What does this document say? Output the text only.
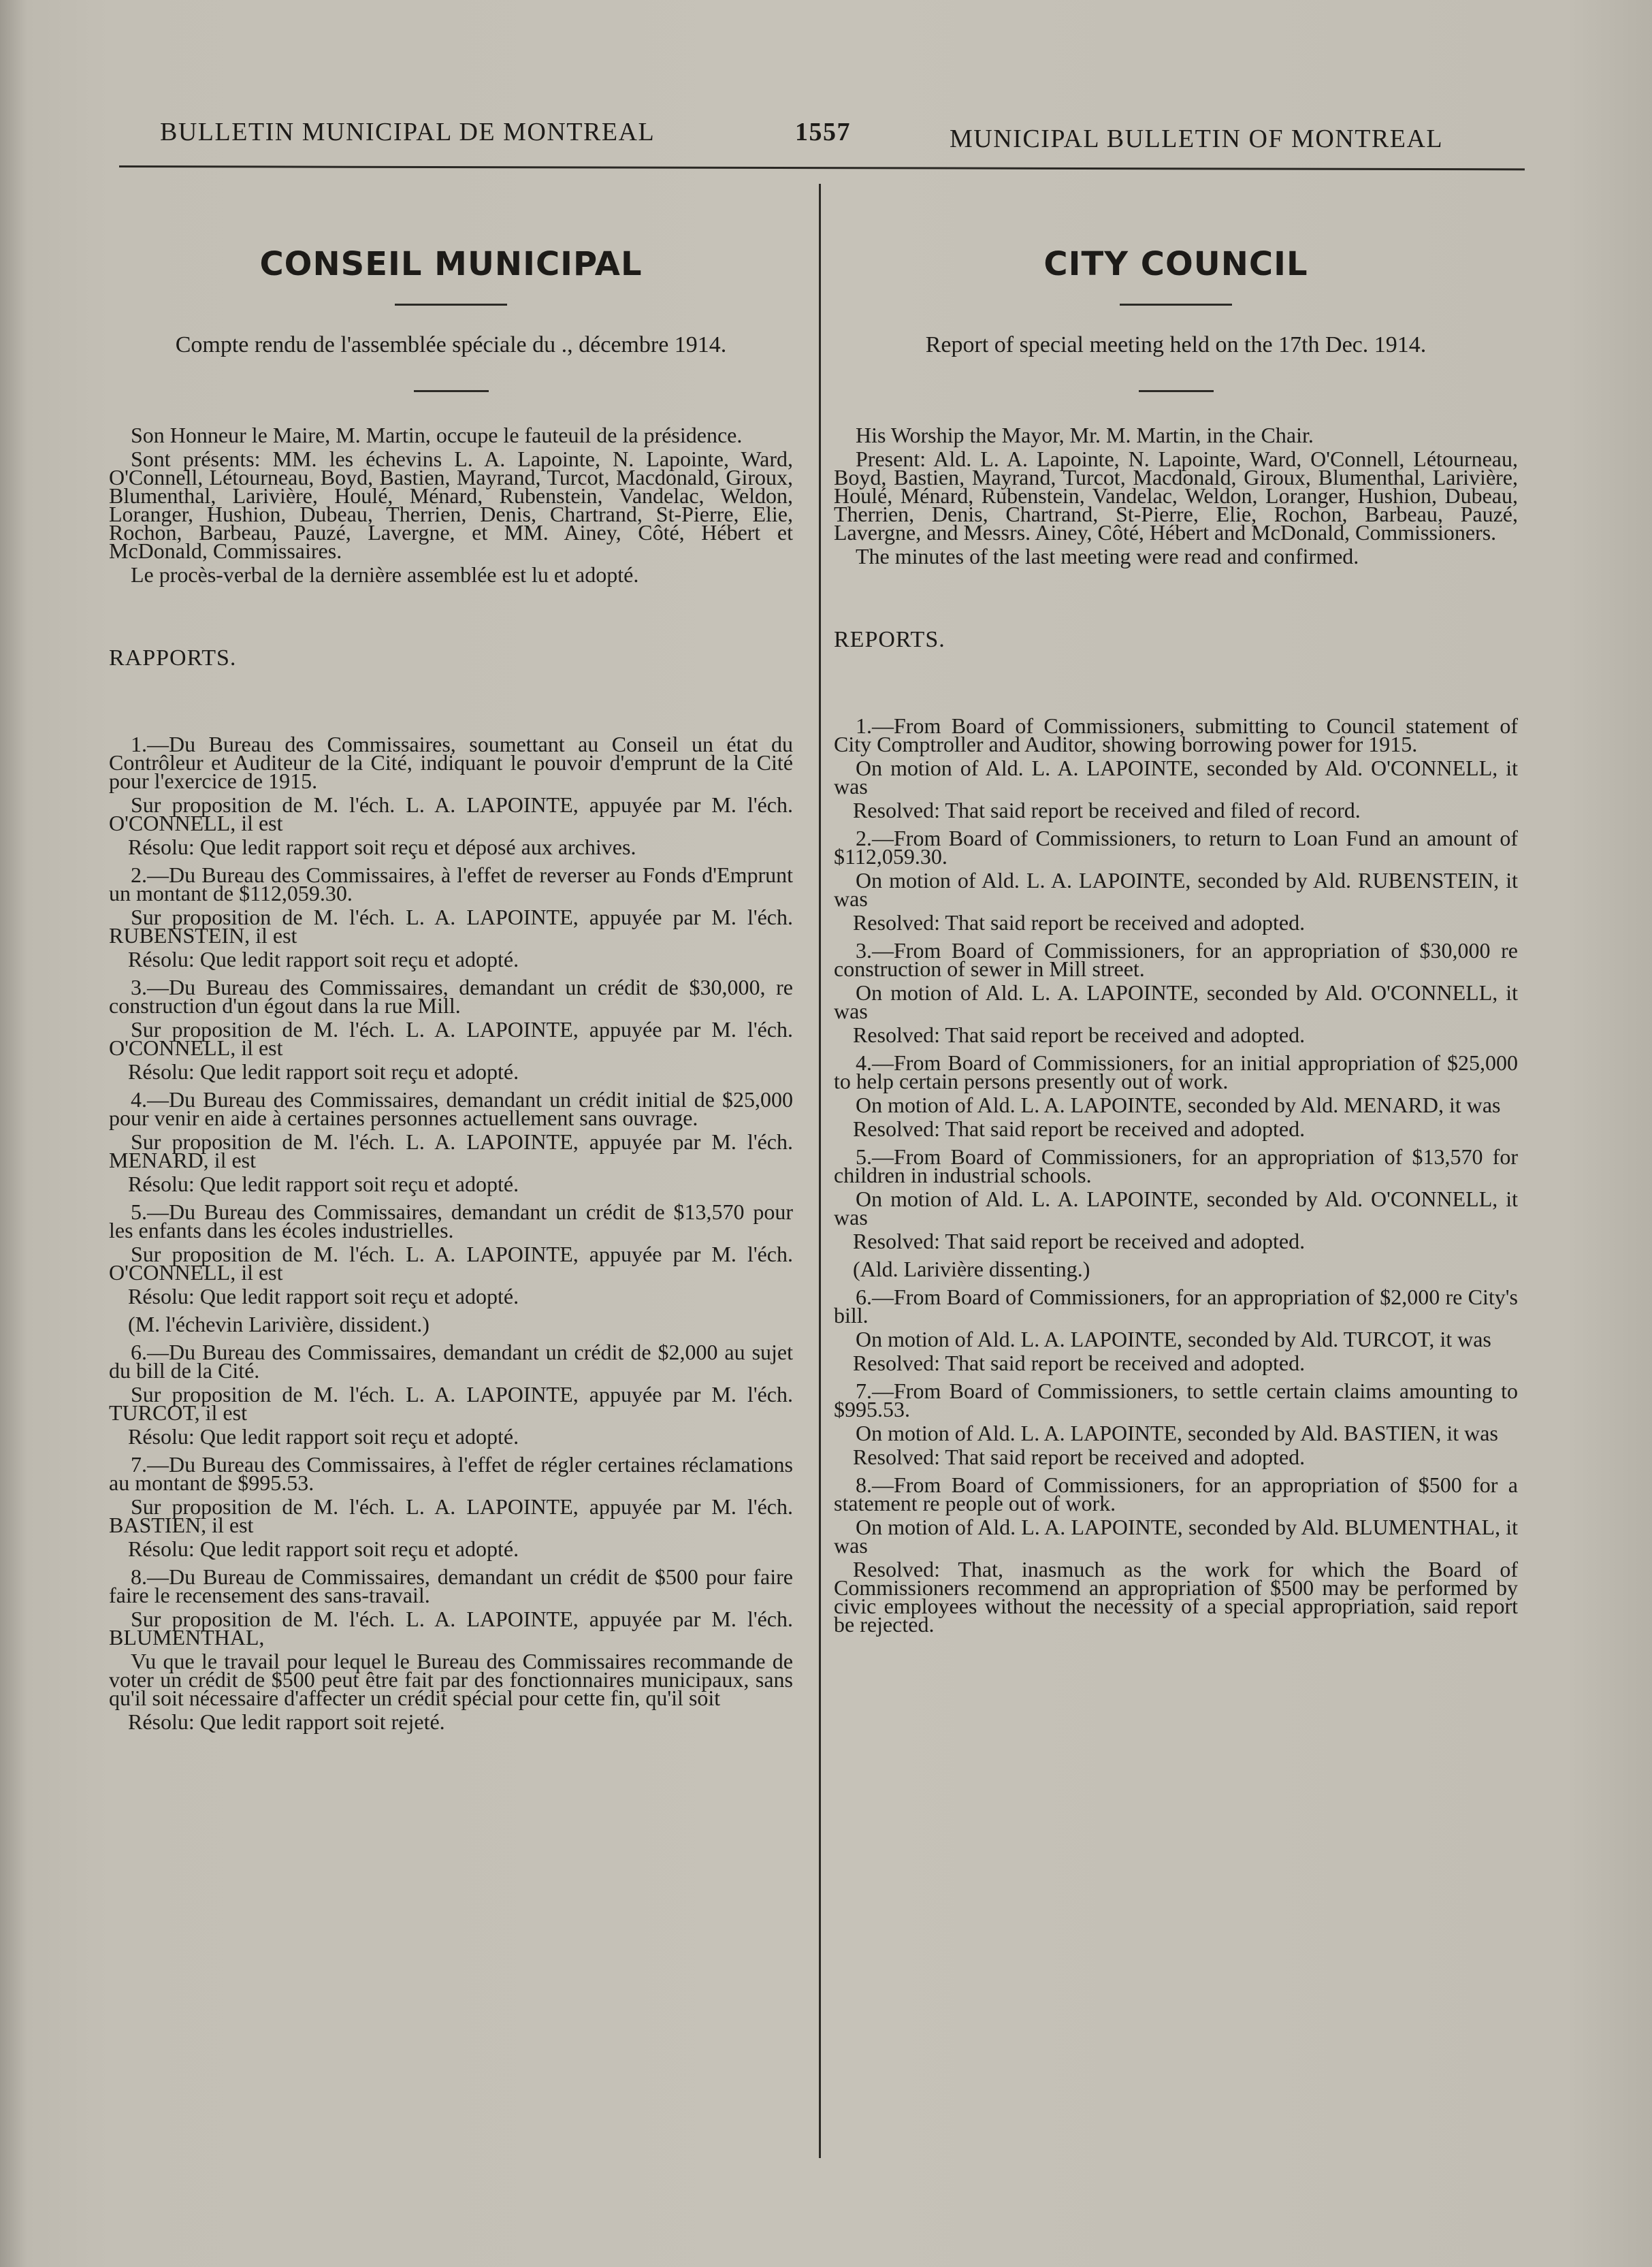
BULLETIN MUNICIPAL DE MONTREAL	1557	MUNICIPAL BULLETIN OF MONTREAL
CONSEIL MUNICIPAL
Compte rendu de l'assemblée spéciale du ., décembre 1914.

Son Honneur le Maire, M. Martin, occupe le fauteuil de la présidence.

Sont présents: MM. les échevins L. A. Lapointe, N. Lapointe, Ward, O'Connell, Létourneau, Boyd, Bastien, Mayrand, Turcot, Macdonald, Giroux, Blumenthal, Larivière, Houlé, Ménard, Rubenstein, Vandelac, Weldon, Loranger, Hushion, Dubeau, Therrien, Denis, Chartrand, St-Pierre, Elie, Rochon, Barbeau, Pauzé, Lavergne, et MM. Ainey, Côté, Hébert et McDonald, Commissaires.

Le procès-verbal de la dernière assemblée est lu et adopté.

RAPPORTS.

1.—Du Bureau des Commissaires, soumettant au Conseil un état du Contrôleur et Auditeur de la Cité, indiquant le pouvoir d'emprunt de la Cité pour l'exercice de 1915.

Sur proposition de M. l'éch. L. A. LAPOINTE, appuyée par M. l'éch. O'CONNELL, il est

Résolu: Que ledit rapport soit reçu et déposé aux archives.

2.—Du Bureau des Commissaires, à l'effet de reverser au Fonds d'Emprunt un montant de $112,059.30.

Sur proposition de M. l'éch. L. A. LAPOINTE, appuyée par M. l'éch. RUBENSTEIN, il est

Résolu: Que ledit rapport soit reçu et adopté.

3.—Du Bureau des Commissaires, demandant un crédit de $30,000, re construction d'un égout dans la rue Mill.

Sur proposition de M. l'éch. L. A. LAPOINTE, appuyée par M. l'éch. O'CONNELL, il est

Résolu: Que ledit rapport soit reçu et adopté.

4.—Du Bureau des Commissaires, demandant un crédit initial de $25,000 pour venir en aide à certaines personnes actuellement sans ouvrage.

Sur proposition de M. l'éch. L. A. LAPOINTE, appuyée par M. l'éch. MENARD, il est

Résolu: Que ledit rapport soit reçu et adopté.

5.—Du Bureau des Commissaires, demandant un crédit de $13,570 pour les enfants dans les écoles industrielles.

Sur proposition de M. l'éch. L. A. LAPOINTE, appuyée par M. l'éch. O'CONNELL, il est

Résolu: Que ledit rapport soit reçu et adopté.

(M. l'échevin Larivière, dissident.)

6.—Du Bureau des Commissaires, demandant un crédit de $2,000 au sujet du bill de la Cité.

Sur proposition de M. l'éch. L. A. LAPOINTE, appuyée par M. l'éch. TURCOT, il est

Résolu: Que ledit rapport soit reçu et adopté.

7.—Du Bureau des Commissaires, à l'effet de régler certaines réclamations au montant de $995.53.

Sur proposition de M. l'éch. L. A. LAPOINTE, appuyée par M. l'éch. BASTIEN, il est

Résolu: Que ledit rapport soit reçu et adopté.

8.—Du Bureau de Commissaires, demandant un crédit de $500 pour faire faire le recensement des sans-travail.

Sur proposition de M. l'éch. L. A. LAPOINTE, appuyée par M. l'éch. BLUMENTHAL,

Vu que le travail pour lequel le Bureau des Commissaires recommande de voter un crédit de $500 peut être fait par des fonctionnaires municipaux, sans qu'il soit nécessaire d'affecter un crédit spécial pour cette fin, qu'il soit

Résolu: Que ledit rapport soit rejeté.

CITY COUNCIL
Report of special meeting held on the 17th Dec. 1914.

His Worship the Mayor, Mr. M. Martin, in the Chair.

Present: Ald. L. A. Lapointe, N. Lapointe, Ward, O'Connell, Létourneau, Boyd, Bastien, Mayrand, Turcot, Macdonald, Giroux, Blumenthal, Larivière, Houlé, Ménard, Rubenstein, Vandelac, Weldon, Loranger, Hushion, Dubeau, Therrien, Denis, Chartrand, St-Pierre, Elie, Rochon, Barbeau, Pauzé, Lavergne, and Messrs. Ainey, Côté, Hébert and McDonald, Commissioners.

The minutes of the last meeting were read and confirmed.

REPORTS.

1.—From Board of Commissioners, submitting to Council statement of City Comptroller and Auditor, showing borrowing power for 1915.

On motion of Ald. L. A. LAPOINTE, seconded by Ald. O'CONNELL, it was

Resolved: That said report be received and filed of record.

2.—From Board of Commissioners, to return to Loan Fund an amount of $112,059.30.

On motion of Ald. L. A. LAPOINTE, seconded by Ald. RUBENSTEIN, it was

Resolved: That said report be received and adopted.

3.—From Board of Commissioners, for an appropriation of $30,000 re construction of sewer in Mill street.

On motion of Ald. L. A. LAPOINTE, seconded by Ald. O'CONNELL, it was

Resolved: That said report be received and adopted.

4.—From Board of Commissioners, for an initial appropriation of $25,000 to help certain persons presently out of work.

On motion of Ald. L. A. LAPOINTE, seconded by Ald. MENARD, it was

Resolved: That said report be received and adopted.

5.—From Board of Commissioners, for an appropriation of $13,570 for children in industrial schools.

On motion of Ald. L. A. LAPOINTE, seconded by Ald. O'CONNELL, it was

Resolved: That said report be received and adopted.

(Ald. Larivière dissenting.)

6.—From Board of Commissioners, for an appropriation of $2,000 re City's bill.

On motion of Ald. L. A. LAPOINTE, seconded by Ald. TURCOT, it was

Resolved: That said report be received and adopted.

7.—From Board of Commissioners, to settle certain claims amounting to $995.53.

On motion of Ald. L. A. LAPOINTE, seconded by Ald. BASTIEN, it was

Resolved: That said report be received and adopted.

8.—From Board of Commissioners, for an appropriation of $500 for a statement re people out of work.

On motion of Ald. L. A. LAPOINTE, seconded by Ald. BLUMENTHAL, it was

Resolved: That, inasmuch as the work for which the Board of Commissioners recommend an appropriation of $500 may be performed by civic employees without the necessity of a special appropriation, said report be rejected.
